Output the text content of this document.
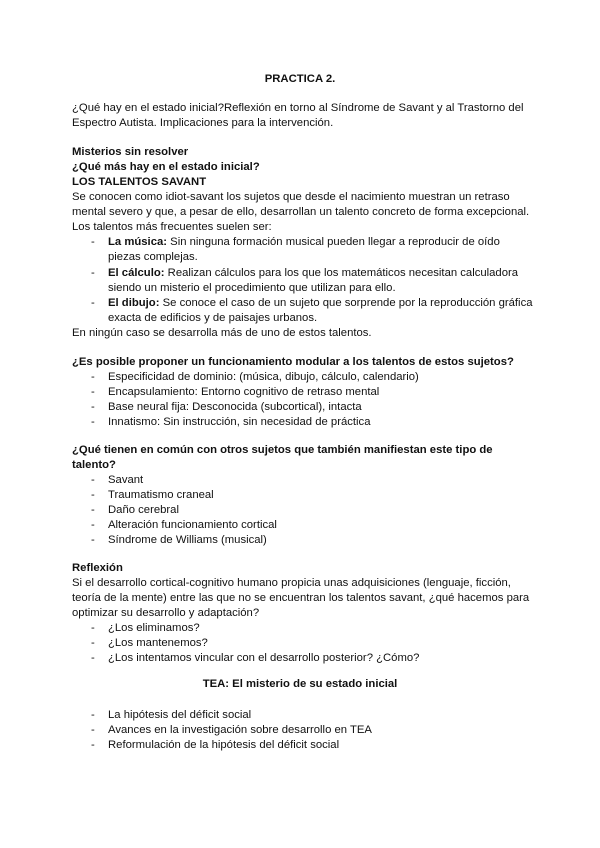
PRACTICA 2.
¿Qué hay en el estado inicial?Reflexión en torno al Síndrome de Savant y al Trastorno del
Espectro Autista. Implicaciones para la intervención.
Misterios sin resolver
¿Qué más hay en el estado inicial?
LOS TALENTOS SAVANT
Se conocen como idiot-savant los sujetos que desde el nacimiento muestran un retraso
mental severo y que, a pesar de ello, desarrollan un talento concreto de forma excepcional.
Los talentos más frecuentes suelen ser:
- La música: Sin ninguna formación musical pueden llegar a reproducir de oído
piezas complejas.
- El cálculo: Realizan cálculos para los que los matemáticos necesitan calculadora
siendo un misterio el procedimiento que utilizan para ello.
- El dibujo: Se conoce el caso de un sujeto que sorprende por la reproducción gráfica
exacta de edificios y de paisajes urbanos.
En ningún caso se desarrolla más de uno de estos talentos.
¿Es posible proponer un funcionamiento modular a los talentos de estos sujetos?
- Especificidad de dominio: (música, dibujo, cálculo, calendario)
- Encapsulamiento: Entorno cognitivo de retraso mental
- Base neural fija: Desconocida (subcortical), intacta
- Innatismo: Sin instrucción, sin necesidad de práctica
¿Qué tienen en común con otros sujetos que también manifiestan este tipo de
talento?
- Savant
- Traumatismo craneal
- Daño cerebral
- Alteración funcionamiento cortical
- Síndrome de Williams (musical)
Reflexión
Si el desarrollo cortical-cognitivo humano propicia unas adquisiciones (lenguaje, ficción,
teoría de la mente) entre las que no se encuentran los talentos savant, ¿qué hacemos para
optimizar su desarrollo y adaptación?
- ¿Los eliminamos?
- ¿Los mantenemos?
- ¿Los intentamos vincular con el desarrollo posterior? ¿Cómo?
TEA: El misterio de su estado inicial
- La hipótesis del déficit social
- Avances en la investigación sobre desarrollo en TEA
- Reformulación de la hipótesis del déficit social
